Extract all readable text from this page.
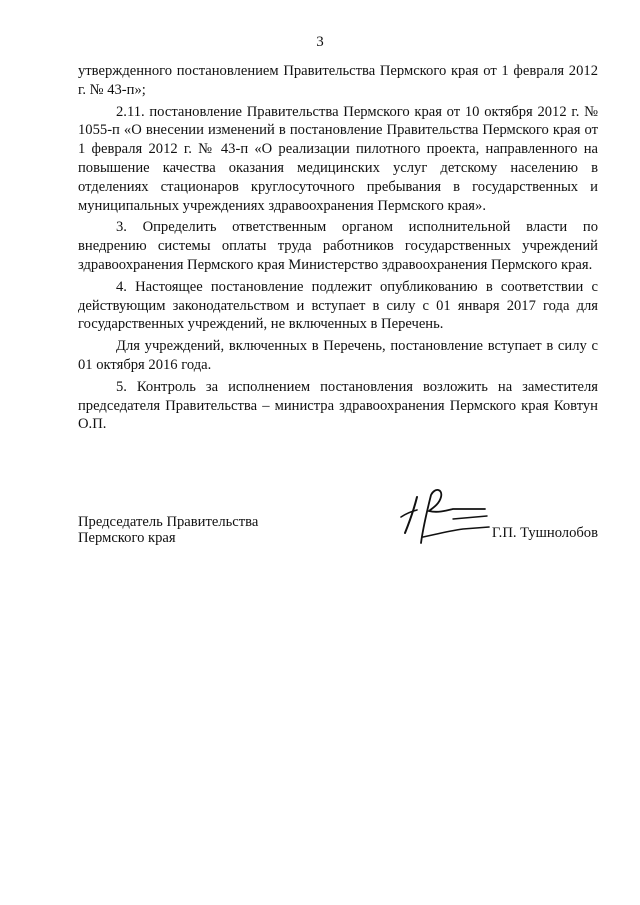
3

утвержденного постановлением Правительства Пермского края от 1 февраля 2012 г. № 43-п»;

2.11. постановление Правительства Пермского края от 10 октября 2012 г. № 1055-п «О внесении изменений в постановление Правительства Пермского края от 1 февраля 2012 г. № 43-п «О реализации пилотного проекта, направленного на повышение качества оказания медицинских услуг детскому населению в отделениях стационаров круглосуточного пребывания в государственных и муниципальных учреждениях здравоохранения Пермского края».

3. Определить ответственным органом исполнительной власти по внедрению системы оплаты труда работников государственных учреждений здравоохранения Пермского края Министерство здравоохранения Пермского края.

4. Настоящее постановление подлежит опубликованию в соответствии с действующим законодательством и вступает в силу с 01 января 2017 года для государственных учреждений, не включенных в Перечень.

Для учреждений, включенных в Перечень, постановление вступает в силу с 01 октября 2016 года.

5. Контроль за исполнением постановления возложить на заместителя председателя Правительства – министра здравоохранения Пермского края Ковтун О.П.

Председатель Правительства
Пермского края	Г.П. Тушнолобов
